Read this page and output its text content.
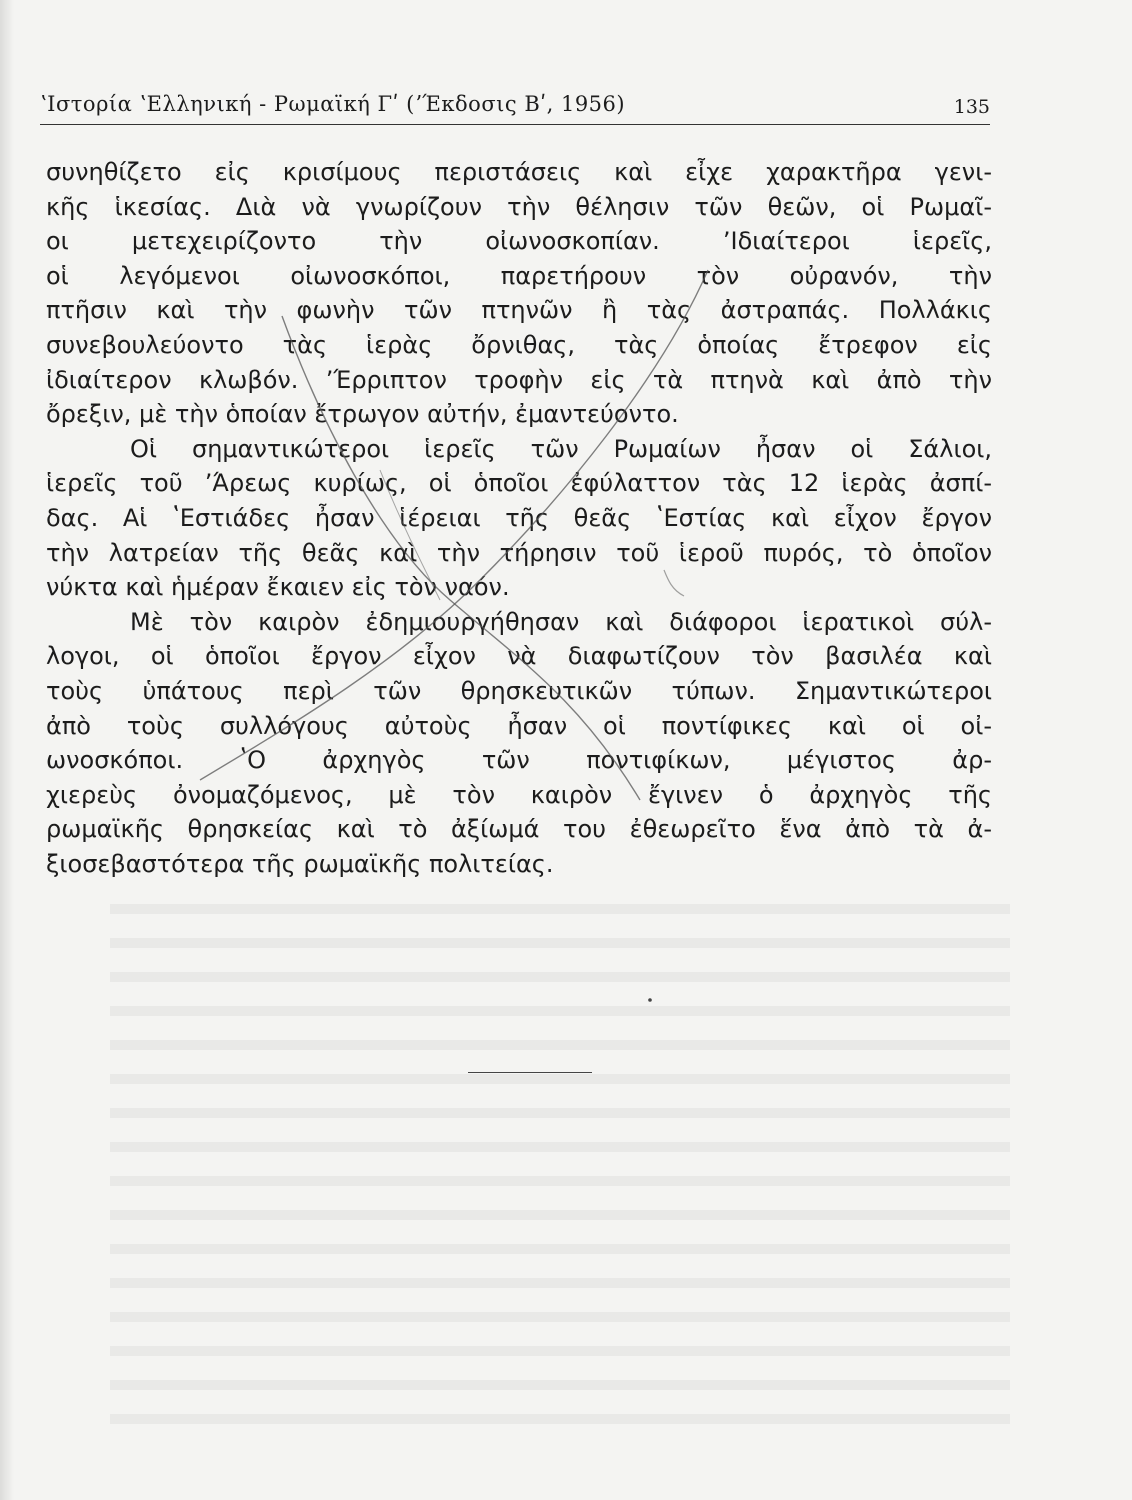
ʽΙστορία ʽΕλληνική - Ρωμαϊκή Γʹ (ʼΈκδοσις Βʹ, 1956)	135
συνηθίζετο εἰς κρισίμους περιστάσεις καὶ εἶχε χαρακτῆρα γενι-
κῆς ἱκεσίας. Διὰ νὰ γνωρίζουν τὴν θέλησιν τῶν θεῶν, οἱ Ρωμαῖ-
οι μετεχειρίζοντο τὴν οἰωνοσκοπίαν. ʼΙδιαίτεροι ἱερεῖς,
οἱ λεγόμενοι οἰωνοσκόποι, παρετήρουν τὸν οὐρανόν, τὴν
πτῆσιν καὶ τὴν φωνὴν τῶν πτηνῶν ἢ τὰς ἀστραπάς. Πολλάκις
συνεβουλεύοντο τὰς ἱερὰς ὄρνιθας, τὰς ὁποίας ἔτρεφον εἰς
ἰδιαίτερον κλωβόν. ʼΈρριπτον τροφὴν εἰς τὰ πτηνὰ καὶ ἀπὸ τὴν
ὄρεξιν, μὲ τὴν ὁποίαν ἔτρωγον αὐτήν, ἐμαντεύοντο.
Οἱ σημαντικώτεροι ἱερεῖς τῶν Ρωμαίων ἦσαν οἱ Σάλιοι,
ἱερεῖς τοῦ ʼΆρεως κυρίως, οἱ ὁποῖοι ἐφύλαττον τὰς 12 ἱερὰς ἀσπί-
δας. Αἱ ʽΕστιάδες ἦσαν ἱέρειαι τῆς θεᾶς ʽΕστίας καὶ εἶχον ἔργον
τὴν λατρείαν τῆς θεᾶς καὶ τὴν τήρησιν τοῦ ἱεροῦ πυρός, τὸ ὁποῖον
νύκτα καὶ ἡμέραν ἔκαιεν εἰς τὸν ναόν.
Μὲ τὸν καιρὸν ἐδημιουργήθησαν καὶ διάφοροι ἱερατικοὶ σύλ-
λογοι, οἱ ὁποῖοι ἔργον εἶχον νὰ διαφωτίζουν τὸν βασιλέα καὶ
τοὺς ὑπάτους περὶ τῶν θρησκευτικῶν τύπων. Σημαντικώτεροι
ἀπὸ τοὺς συλλόγους αὐτοὺς ἦσαν οἱ ποντίφικες καὶ οἱ οἰ-
ωνοσκόποι. ʽΟ ἀρχηγὸς τῶν ποντιφίκων, μέγιστος ἀρ-
χιερεὺς ὀνομαζόμενος, μὲ τὸν καιρὸν ἔγινεν ὁ ἀρχηγὸς τῆς
ρωμαϊκῆς θρησκείας καὶ τὸ ἀξίωμά του ἐθεωρεῖτο ἕνα ἀπὸ τὰ ἀ-
ξιοσεβαστότερα τῆς ρωμαϊκῆς πολιτείας.
